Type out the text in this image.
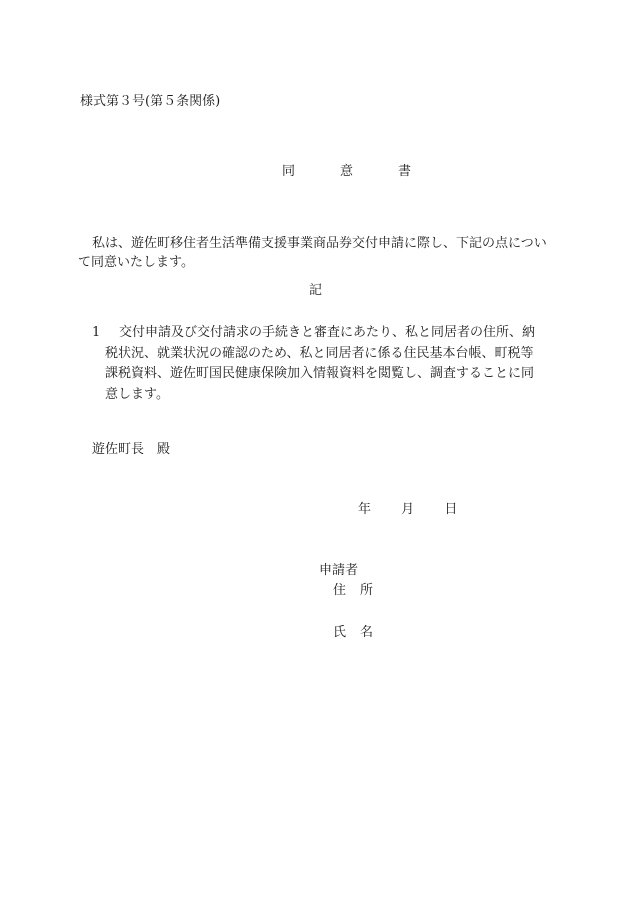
様式第３号(第５条関係)
同　意　書
私は、遊佐町移住者生活準備支援事業商品券交付申請に際し、下記の点について同意いたします。
記
1	交付申請及び交付請求の手続きと審査にあたり、私と同居者の住所、納
税状況、就業状況の確認のため、私と同居者に係る住民基本台帳、町税等
課税資料、遊佐町国民健康保険加入情報資料を閲覧し、調査することに同
意します。
遊佐町長　殿
年 月 日
申請者
住所
氏名
